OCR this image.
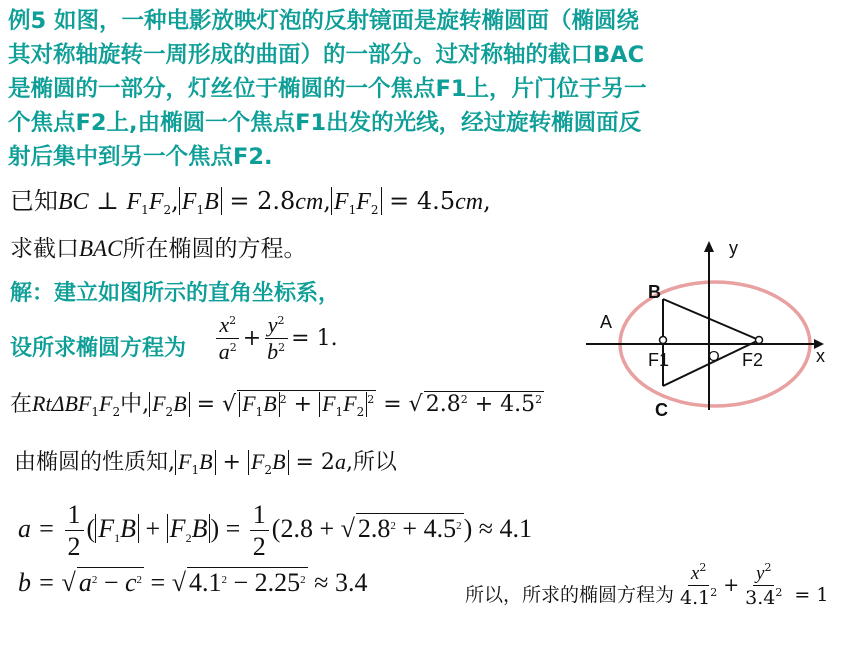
例5 如图，一种电影放映灯泡的反射镜面是旋转椭圆面（椭圆绕
其对称轴旋转一周形成的曲面）的一部分。过对称轴的截口BAC
是椭圆的一部分，灯丝位于椭圆的一个焦点F1上，片门位于另一
个焦点F2上,由椭圆一个焦点F1出发的光线，经过旋转椭圆面反
射后集中到另一个焦点F2.
已知BC ⊥ $F_1F_2$, $F_1B = 2.8cm$, $F_1F_2 = 4.5cm$,
求截口BAC所在椭圆的方程。
解：建立如图所示的直角坐标系，
设所求椭圆方程为 $\frac{x^2}{a^2} + \frac{y^2}{b^2} = 1$.
在$Rt\Delta BF_1F_2$中, $F_2B$ = √ $F_1B$ $^2 + F_1F_2^2$ = √ $2.8^2 + 4.5^2$
由椭圆的性质知, $F_1B + F_2B = 2a$,所以
$a = \frac{1}{2}$ ( $F_1B + F_2B$ ) = $\frac{1}{2} (2.8$ + √ $2.8^2 + 4.5^2) \approx 4.1$
b = √ $a^2 - c^2$ = √ $4.1^2 - 2.25^2 \approx 3.4$	所以，所求的椭圆方程为 $\frac{x^2}{4.1^2} + \frac{y^2}{3.4^2} = 1$
y
x
B
A
C
O
F1	F2
